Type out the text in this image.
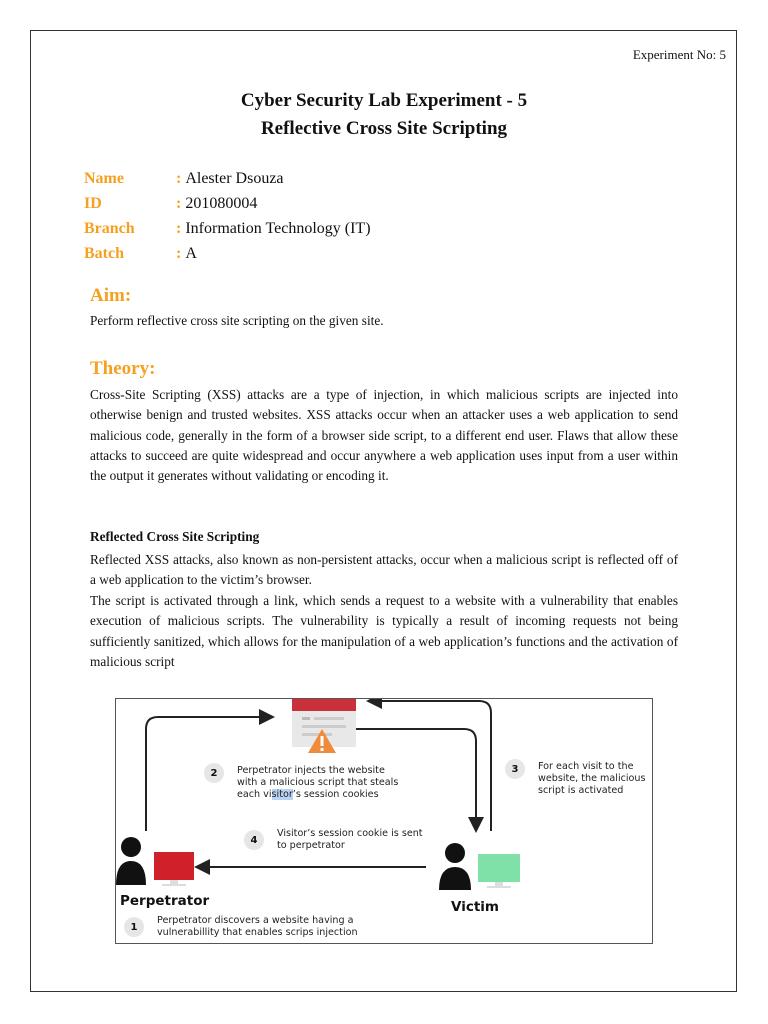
Experiment No: 5
Cyber Security Lab Experiment - 5
Reflective Cross Site Scripting
Name	: Alester Dsouza
ID	: 201080004
Branch	: Information Technology (IT)
Batch	: A
Aim:
Perform reflective cross site scripting on the given site.
Theory:
Cross-Site Scripting (XSS) attacks are a type of injection, in which malicious scripts are injected into otherwise benign and trusted websites. XSS attacks occur when an attacker uses a web application to send malicious code, generally in the form of a browser side script, to a different end user. Flaws that allow these attacks to succeed are quite widespread and occur anywhere a web application uses input from a user within the output it generates without validating or encoding it.
Reflected Cross Site Scripting
Reflected XSS attacks, also known as non-persistent attacks, occur when a malicious script is reflected off of a web application to the victim’s browser.
The script is activated through a link, which sends a request to a website with a vulnerability that enables execution of malicious scripts. The vulnerability is typically a result of incoming requests not being sufficiently sanitized, which allows for the manipulation of a web application’s functions and the activation of malicious script
2	Perpetrator injects the website
with a malicious script that steals
each visitor’s session cookies
3	For each visit to the website, the malicious script is activated
4
Visitor’s session cookie is sent to perpetrator
Perpetrator	Victim
1
Perpetrator discovers a website having a vulnerabillity that enables scrips injection
